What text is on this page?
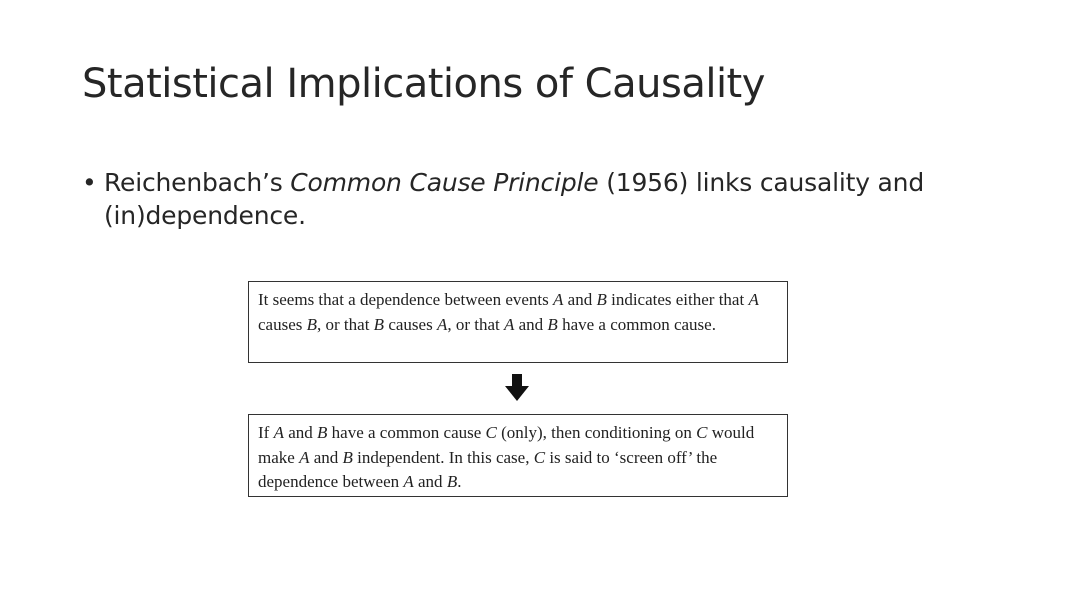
Statistical Implications of Causality
• Reichenbach’s Common Cause Principle (1956) links causality and (in)dependence.
It seems that a dependence between events A and B indicates either that A causes B, or that B causes A, or that A and B have a common cause.
If A and B have a common cause C (only), then conditioning on C would make A and B independent. In this case, C is said to ‘screen off’ the dependence between A and B.
